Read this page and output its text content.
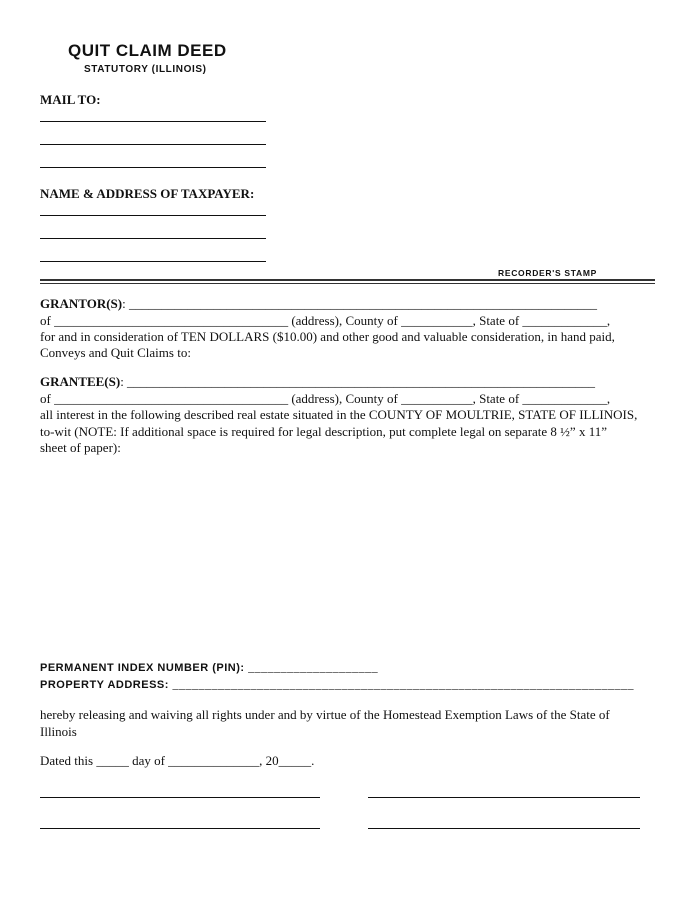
QUIT CLAIM DEED
STATUTORY (ILLINOIS)
MAIL TO:
NAME & ADDRESS OF TAXPAYER:
RECORDER'S STAMP
GRANTOR(S): ________________________________________________________________________
of ____________________________________ (address), County of ___________, State of _____________,
for and in consideration of TEN DOLLARS ($10.00) and other good and valuable consideration, in hand paid,
Conveys and Quit Claims to:
GRANTEE(S): ________________________________________________________________________
of ____________________________________ (address), County of ___________, State of _____________,
all interest in the following described real estate situated in the COUNTY OF MOULTRIE, STATE OF ILLINOIS,
to-wit (NOTE: If additional space is required for legal description, put complete legal on separate 8 ½” x 11”
sheet of paper):
PERMANENT INDEX NUMBER (PIN): ____________________
PROPERTY ADDRESS: _______________________________________________________________________
hereby releasing and waiving all rights under and by virtue of the Homestead Exemption Laws of the State of
Illinois
Dated this _____ day of ______________, 20_____.
